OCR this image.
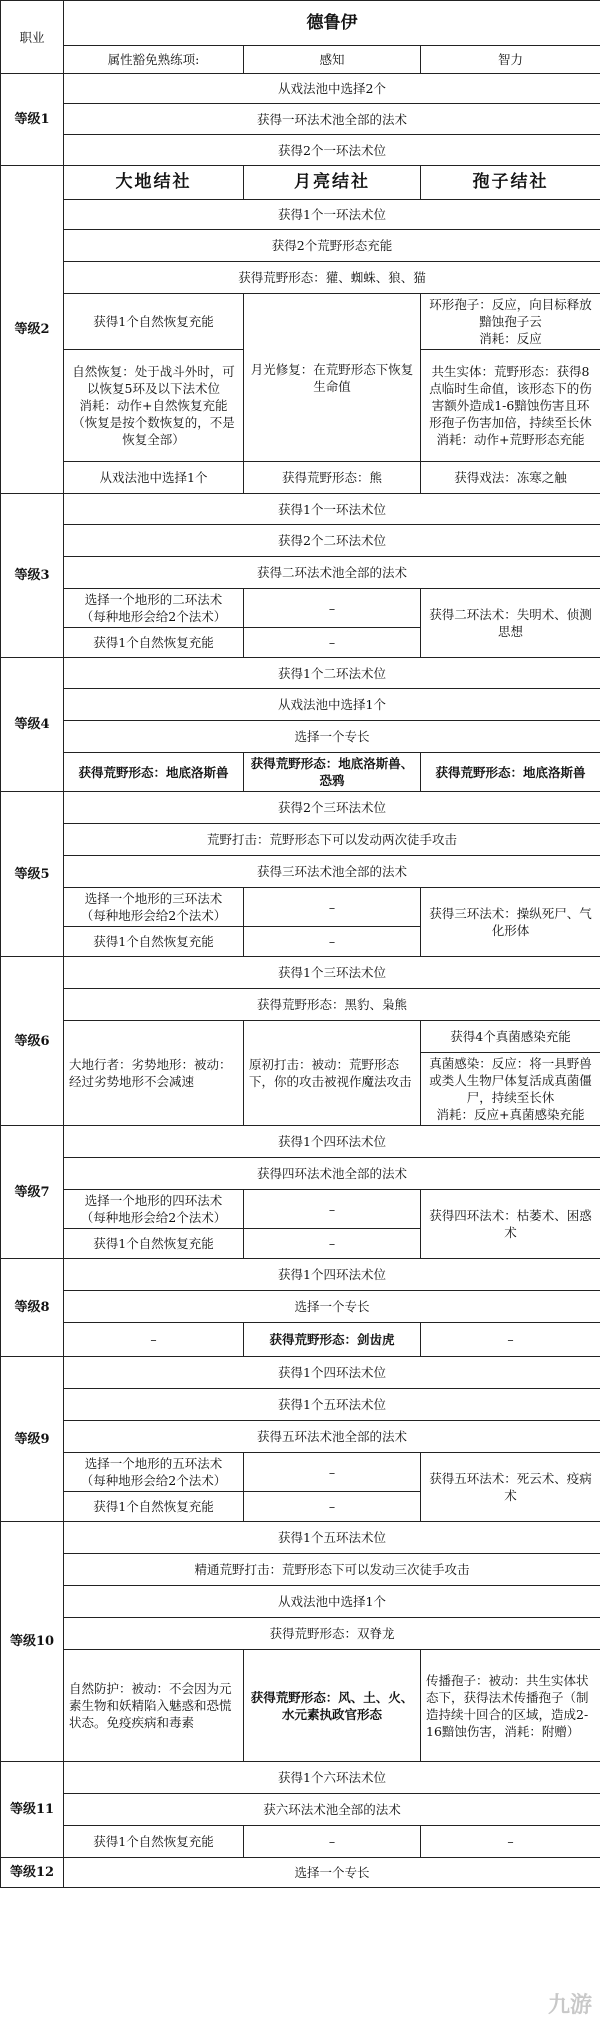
职业	德鲁伊		
	属性豁免熟练项:	感知	智力
等级1	从戏法池中选择2个		
	获得一环法术池全部的法术		
	获得2个一环法术位		
等级2	大地结社	月亮结社	孢子结社
	获得1个一环法术位		
	获得2个荒野形态充能		
	获得荒野形态：獾、蜘蛛、狼、猫		
	获得1个自然恢复充能	月光修复：在荒野形态下恢复生命值	环形孢子：反应，向目标释放黯蚀孢子云
消耗：反应
	自然恢复：处于战斗外时，可以恢复5环及以下法术位
消耗：动作+自然恢复充能
（恢复是按个数恢复的，不是恢复全部）		共生实体：荒野形态：获得8点临时生命值，该形态下的伤害额外造成1-6黯蚀伤害且环形孢子伤害加倍，持续至长休
消耗：动作+荒野形态充能

	从戏法池中选择1个	获得荒野形态：熊	获得戏法：冻寒之触

等级3	获得1个一环法术位		
	获得2个二环法术位		
	获得二环法术池全部的法术		
	选择一个地形的二环法术
（每种地形会给2个法术）	–	获得二环法术：失明术、侦测思想
	获得1个自然恢复充能	–	
等级4	获得1个二环法术位		
	从戏法池中选择1个		
	选择一个专长		
	获得荒野形态：地底洛斯兽	获得荒野形态：地底洛斯兽、恐鸦	获得荒野形态：地底洛斯兽
等级5	获得2个三环法术位		
	荒野打击：荒野形态下可以发动两次徒手攻击		
	获得三环法术池全部的法术		
	选择一个地形的三环法术
（每种地形会给2个法术）	–	获得三环法术：操纵死尸、气化形体
	获得1个自然恢复充能	–	
等级6	获得1个三环法术位		
	获得荒野形态：黑豹、枭熊		
	大地行者：劣势地形：被动：经过劣势地形不会减速	原初打击：被动：荒野形态下，你的攻击被视作魔法攻击	获得4个真菌感染充能
			真菌感染：反应：将一具野兽或类人生物尸体复活成真菌僵尸，持续至长休
消耗：反应+真菌感染充能
等级7	获得1个四环法术位		
	获得四环法术池全部的法术		
	选择一个地形的四环法术
（每种地形会给2个法术）	–	获得四环法术：枯萎术、困惑术
	获得1个自然恢复充能	–	
等级8	获得1个四环法术位		
	选择一个专长		
	–	获得荒野形态：剑齿虎	–
等级9	获得1个四环法术位		
	获得1个五环法术位		
	获得五环法术池全部的法术		
	选择一个地形的五环法术
（每种地形会给2个法术）	–	获得五环法术：死云术、疫病术
	获得1个自然恢复充能	–	
等级10	获得1个五环法术位		
	精通荒野打击：荒野形态下可以发动三次徒手攻击		
	从戏法池中选择1个		
	获得荒野形态：双脊龙		
	自然防护：被动：不会因为元素生物和妖精陷入魅惑和恐慌状态。免疫疾病和毒素	获得荒野形态：风、土、火、水元素执政官形态	传播孢子：被动：共生实体状态下，获得法术传播孢子（制造持续十回合的区域，造成2-16黯蚀伤害，消耗：附赠）
等级11	获得1个六环法术位		
	获六环法术池全部的法术		
	获得1个自然恢复充能	–	–
等级12	选择一个专长		
九游
